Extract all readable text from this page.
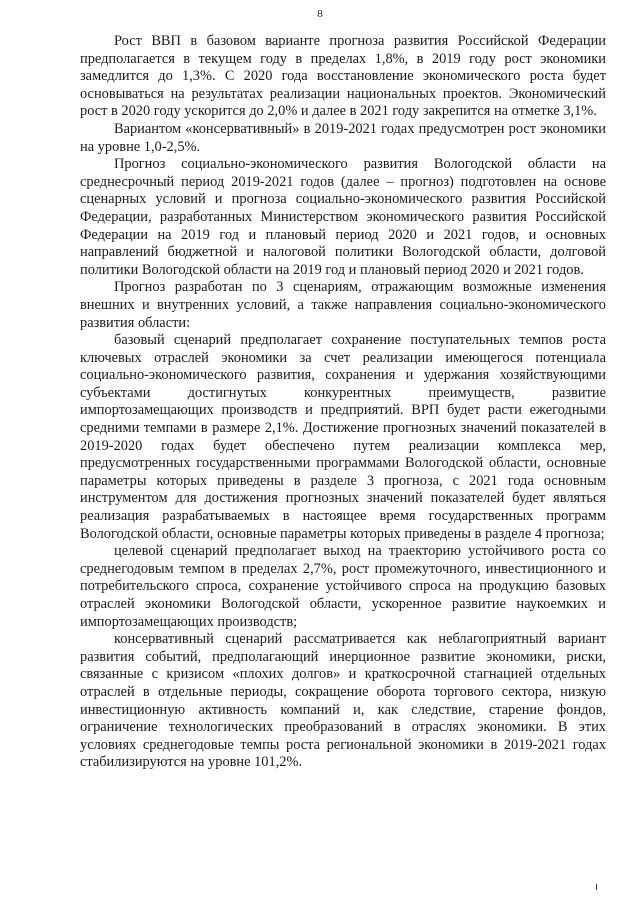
8

Рост ВВП в базовом варианте прогноза развития Российской Федерации предполагается в текущем году в пределах 1,8%, в 2019 году рост экономики замедлится до 1,3%. С 2020 года восстановление экономического роста будет основываться на результатах реализации национальных проектов. Экономический рост в 2020 году ускорится до 2,0% и далее в 2021 году закрепится на отметке 3,1%.

Вариантом «консервативный» в 2019-2021 годах предусмотрен рост экономики на уровне 1,0-2,5%.

Прогноз социально-экономического развития Вологодской области на среднесрочный период 2019-2021 годов (далее – прогноз) подготовлен на основе сценарных условий и прогноза социально-экономического развития Российской Федерации, разработанных Министерством экономического развития Российской Федерации на 2019 год и плановый период 2020 и 2021 годов, и основных направлений бюджетной и налоговой политики Вологодской области, долговой политики Вологодской области на 2019 год и плановый период 2020 и 2021 годов.

Прогноз разработан по 3 сценариям, отражающим возможные изменения внешних и внутренних условий, а также направления социально-экономического развития области:

базовый сценарий предполагает сохранение поступательных темпов роста ключевых отраслей экономики за счет реализации имеющегося потенциала социально-экономического развития, сохранения и удержания хозяйствующими субъектами достигнутых конкурентных преимуществ, развитие импортозамещающих производств и предприятий. ВРП будет расти ежегодными средними темпами в размере 2,1%. Достижение прогнозных значений показателей в 2019-2020 годах будет обеспечено путем реализации комплекса мер, предусмотренных государственными программами Вологодской области, основные параметры которых приведены в разделе 3 прогноза, с 2021 года основным инструментом для достижения прогнозных значений показателей будет являться реализация разрабатываемых в настоящее время государственных программ Вологодской области, основные параметры которых приведены в разделе 4 прогноза;

целевой сценарий предполагает выход на траекторию устойчивого роста со среднегодовым темпом в пределах 2,7%, рост промежуточного, инвестиционного и потребительского спроса, сохранение устойчивого спроса на продукцию базовых отраслей экономики Вологодской области, ускоренное развитие наукоемких и импортозамещающих производств;

консервативный сценарий рассматривается как неблагоприятный вариант развития событий, предполагающий инерционное развитие экономики, риски, связанные с кризисом «плохих долгов» и краткосрочной стагнацией отдельных отраслей в отдельные периоды, сокращение оборота торгового сектора, низкую инвестиционную активность компаний и, как следствие, старение фондов, ограничение технологических преобразований в отраслях экономики. В этих условиях среднегодовые темпы роста региональной экономики в 2019-2021 годах стабилизируются на уровне 101,2%.
